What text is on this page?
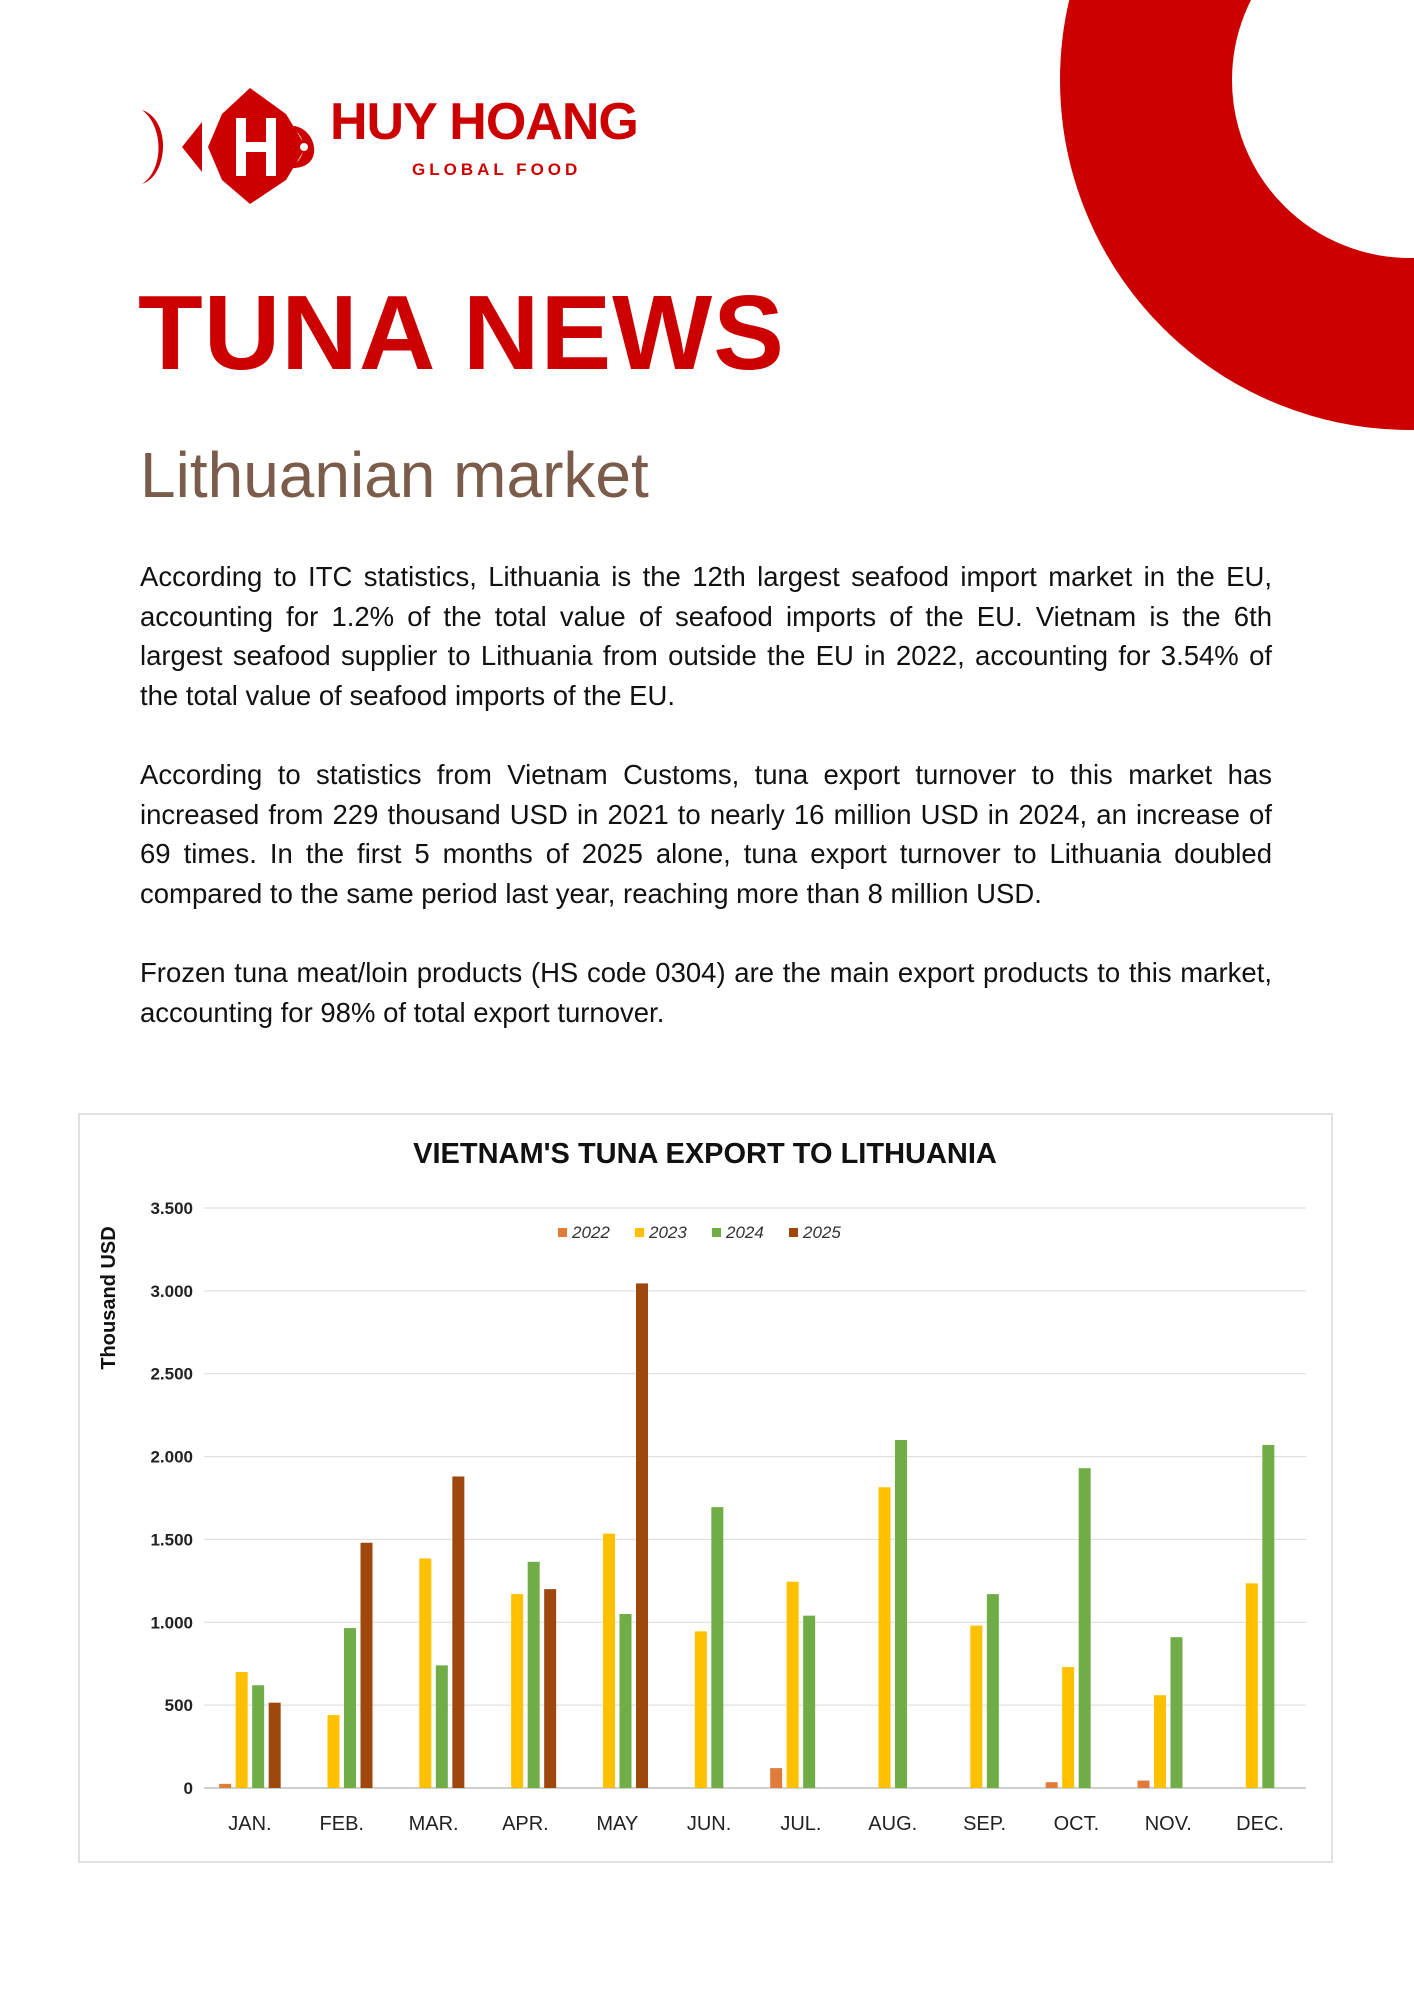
HUY HOANG
GLOBAL FOOD
TUNA NEWS
Lithuanian market

According to ITC statistics, Lithuania is the 12th largest seafood import market in the EU, accounting for 1.2% of the total value of seafood imports of the EU. Vietnam is the 6th largest seafood supplier to Lithuania from outside the EU in 2022, accounting for 3.54% of the total value of seafood imports of the EU.

According to statistics from Vietnam Customs, tuna export turnover to this market has increased from 229 thousand USD in 2021 to nearly 16 million USD in 2024, an increase of 69 times. In the first 5 months of 2025 alone, tuna export turnover to Lithuania doubled compared to the same period last year, reaching more than 8 million USD.

Frozen tuna meat/loin products (HS code 0304) are the main export products to this market, accounting for 98% of total export turnover.

VIETNAM'S TUNA EXPORT TO LITHUANIA
Thousand USD
0
500
1.000
1.500
2.000
2.500
3.000
3.500
JAN. FEB. MAR. APR. MAY JUN. JUL. AUG. SEP. OCT. NOV. DEC.
2022 2023 2024 2025
